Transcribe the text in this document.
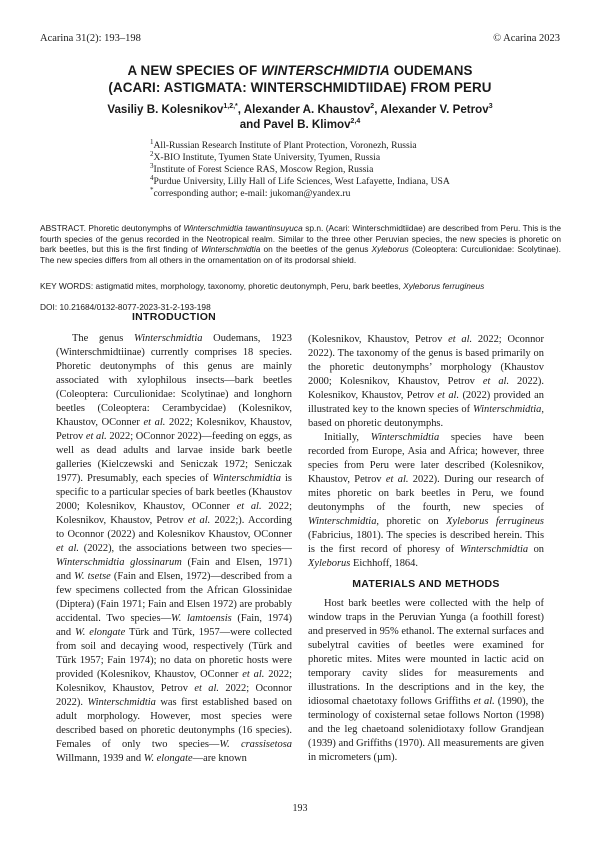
Acarina 31(2): 193–198	© Acarina 2023
A NEW SPECIES OF WINTERSCHMIDTIA OUDEMANS
(ACARI: ASTIGMATA: WINTERSCHMIDTIIDAE) FROM PERU
Vasiliy B. Kolesnikov$^{1,2,*}$, Alexander A. Khaustov$^2$, Alexander V. Petrov$^3$
and Pavel B. Klimov$^{2,4}$
$^1$All-Russian Research Institute of Plant Protection, Voronezh, Russia
$^2$X-BIO Institute, Tyumen State University, Tyumen, Russia
$^3$Institute of Forest Science RAS, Moscow Region, Russia
$^4$Purdue University, Lilly Hall of Life Sciences, West Lafayette, Indiana, USA
*corresponding author; e-mail: jukoman@yandex.ru
ABSTRACT. Phoretic deutonymphs of Winterschmidtia tawantinsuyuca sp.n. (Acari: Winterschmidtiidae) are described from Peru. This is the fourth species of the genus recorded in the Neotropical realm. Similar to the three other Peruvian species, the new species is phoretic on bark beetles, but this is the first finding of Winterschmidtia on the beetles of the genus Xyleborus (Coleoptera: Curculionidae: Scolytinae). The new species differs from all others in the ornamentation on of its prodorsal shield.
KEY WORDS: astigmatid mites, morphology, taxonomy, phoretic deutonymph, Peru, bark beetles, Xyleborus ferrugineus
DOI: 10.21684/0132-8077-2023-31-2-193-198

INTRODUCTION

The genus Winterschmidtia Oudemans, 1923 (Winterschmidtiinae) currently comprises 18 species. Phoretic deutonymphs of this genus are mainly associated with xylophilous insects—bark beetles (Coleoptera: Curculionidae: Scolytinae) and longhorn beetles (Coleoptera: Cerambycidae) (Kolesnikov, Khaustov, OConner et al. 2022; Kolesnikov, Khaustov, Petrov et al. 2022; OConnor 2022)—feeding on eggs, as well as dead adults and larvae inside bark beetle galleries (Kielczewski and Seniczak 1972; Seniczak 1977). Presumably, each species of Winterschmidtia is specific to a particular species of bark beetles (Khaustov 2000; Kolesnikov, Khaustov, OConner et al. 2022; Kolesnikov, Khaustov, Petrov et al. 2022;). According to Oconnor (2022) and Kolesnikov Khaustov, OConner et al. (2022), the associations between two species—Winterschmidtia glossinarum (Fain and Elsen, 1971) and W. tsetse (Fain and Elsen, 1972)—described from a few specimens collected from the African Glossinidae (Diptera) (Fain 1971; Fain and Elsen 1972) are probably accidental. Two species—W. lamtoensis (Fain, 1974) and W. elongate Türk and Türk, 1957—were collected from soil and decaying wood, respectively (Türk and Türk 1957; Fain 1974); no data on phoretic hosts were provided (Kolesnikov, Khaustov, OConner et al. 2022; Kolesnikov, Khaustov, Petrov et al. 2022; Oconnor 2022). Winterschmidtia was first established based on adult morphology. However, most species were described based on phoretic deutonymphs (16 species). Females of only two species—W. crassisetosa Willmann, 1939 and W. elongate—are known

(Kolesnikov, Khaustov, Petrov et al. 2022; Oconnor 2022). The taxonomy of the genus is based primarily on the phoretic deutonymphs’ morphology (Khaustov 2000; Kolesnikov, Khaustov, Petrov et al. 2022). Kolesnikov, Khaustov, Petrov et al. (2022) provided an illustrated key to the known species of Winterschmidtia, based on phoretic deutonymphs.

Initially, Winterschmidtia species have been recorded from Europe, Asia and Africa; however, three species from Peru were later described (Kolesnikov, Khaustov, Petrov et al. 2022). During our research of mites phoretic on bark beetles in Peru, we found deutonymphs of the fourth, new species of Winterschmidtia, phoretic on Xyleborus ferrugineus (Fabricius, 1801). The species is described herein. This is the first record of phoresy of Winterschmidtia on Xyleborus Eichhoff, 1864.

MATERIALS AND METHODS

Host bark beetles were collected with the help of window traps in the Peruvian Yunga (a foothill forest) and preserved in 95% ethanol. The external surfaces and subelytral cavities of beetles were examined for phoretic mites. Mites were mounted in lactic acid on temporary cavity slides for measurements and illustrations. In the descriptions and in the key, the idiosomal chaetotaxy follows Griffiths et al. (1990), the terminology of coxisternal setae follows Norton (1998) and the leg chaetoand solenidiotaxy follow Grandjean (1939) and Griffiths (1970). All measurements are given in micrometers (µm).

193
